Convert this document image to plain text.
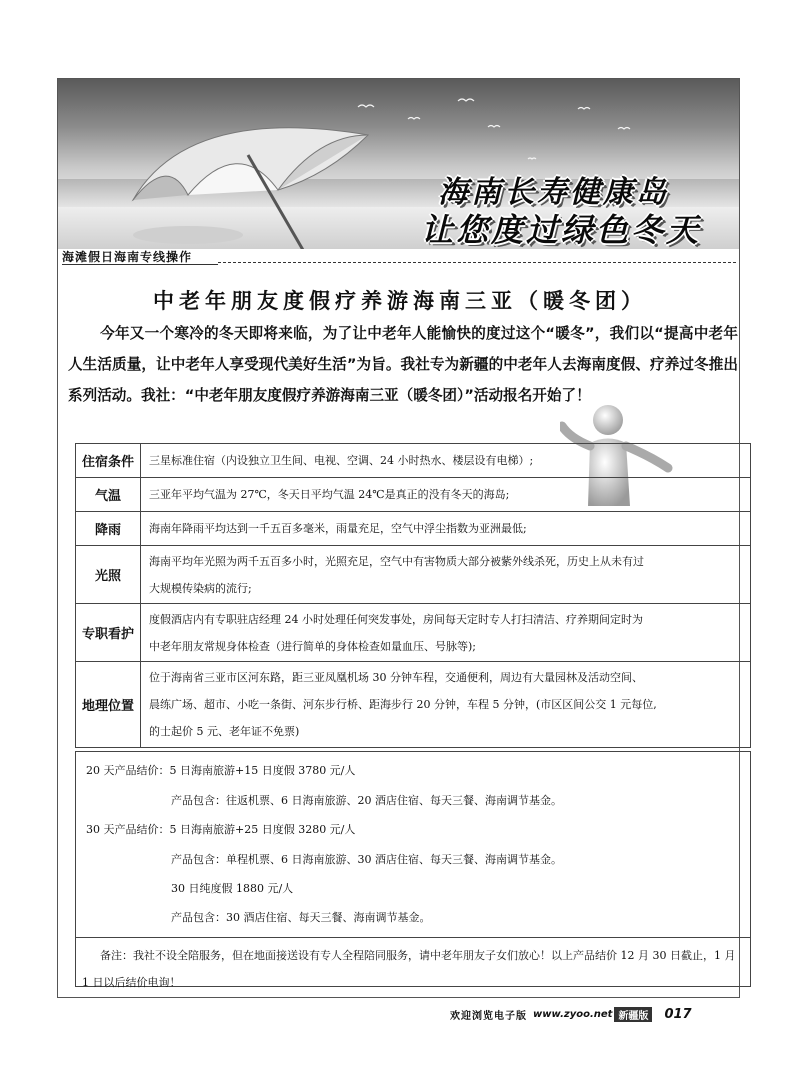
海南长寿健康岛
让您度过绿色冬天
海滩假日海南专线操作
中老年朋友度假疗养游海南三亚（暖冬团）

今年又一个寒冷的冬天即将来临，为了让中老年人能愉快的度过这个“暖冬”，我们以“提高中老年人生活质量，让中老年人享受现代美好生活”为旨。我社专为新疆的中老年人去海南度假、疗养过冬推出系列活动。我社：“中老年朋友度假疗养游海南三亚（暖冬团）”活动报名开始了！

住宿条件	三星标准住宿（内设独立卫生间、电视、空调、24 小时热水、楼层设有电梯）;

气温	三亚年平均气温为 27℃，冬天日平均气温 24℃是真正的没有冬天的海岛;

降雨	海南年降雨平均达到一千五百多毫米，雨量充足，空气中浮尘指数为亚洲最低;

光照	海南平均年光照为两千五百多小时，光照充足，空气中有害物质大部分被紫外线杀死，历史上从未有过
大规模传染病的流行;

专职看护	度假酒店内有专职驻店经理 24 小时处理任何突发事处，房间每天定时专人打扫清洁、疗养期间定时为
中老年朋友常规身体检查（进行简单的身体检查如量血压、号脉等);

地理位置	位于海南省三亚市区河东路，距三亚凤凰机场 30 分钟车程，交通便利，周边有大量园林及活动空间、
晨练广场、超市、小吃一条街、河东步行桥、距海步行 20 分钟，车程 5 分钟，(市区区间公交 1 元每位,
的士起价 5 元、老年证不免票)
20 天产品结价：5 日海南旅游+15 日度假 3780 元/人
产品包含：往返机票、6 日海南旅游、20 酒店住宿、每天三餐、海南调节基金。
30 天产品结价：5 日海南旅游+25 日度假 3280 元/人
产品包含：单程机票、6 日海南旅游、30 酒店住宿、每天三餐、海南调节基金。
30 日纯度假 1880 元/人
产品包含：30 酒店住宿、每天三餐、海南调节基金。
备注：我社不设全陪服务，但在地面接送设有专人全程陪同服务，请中老年朋友子女们放心！以上产品结价 12 月 30 日截止，1 月 1 日以后结价电询！
欢迎浏览电子版 www.zyoo.net 新疆版	017
